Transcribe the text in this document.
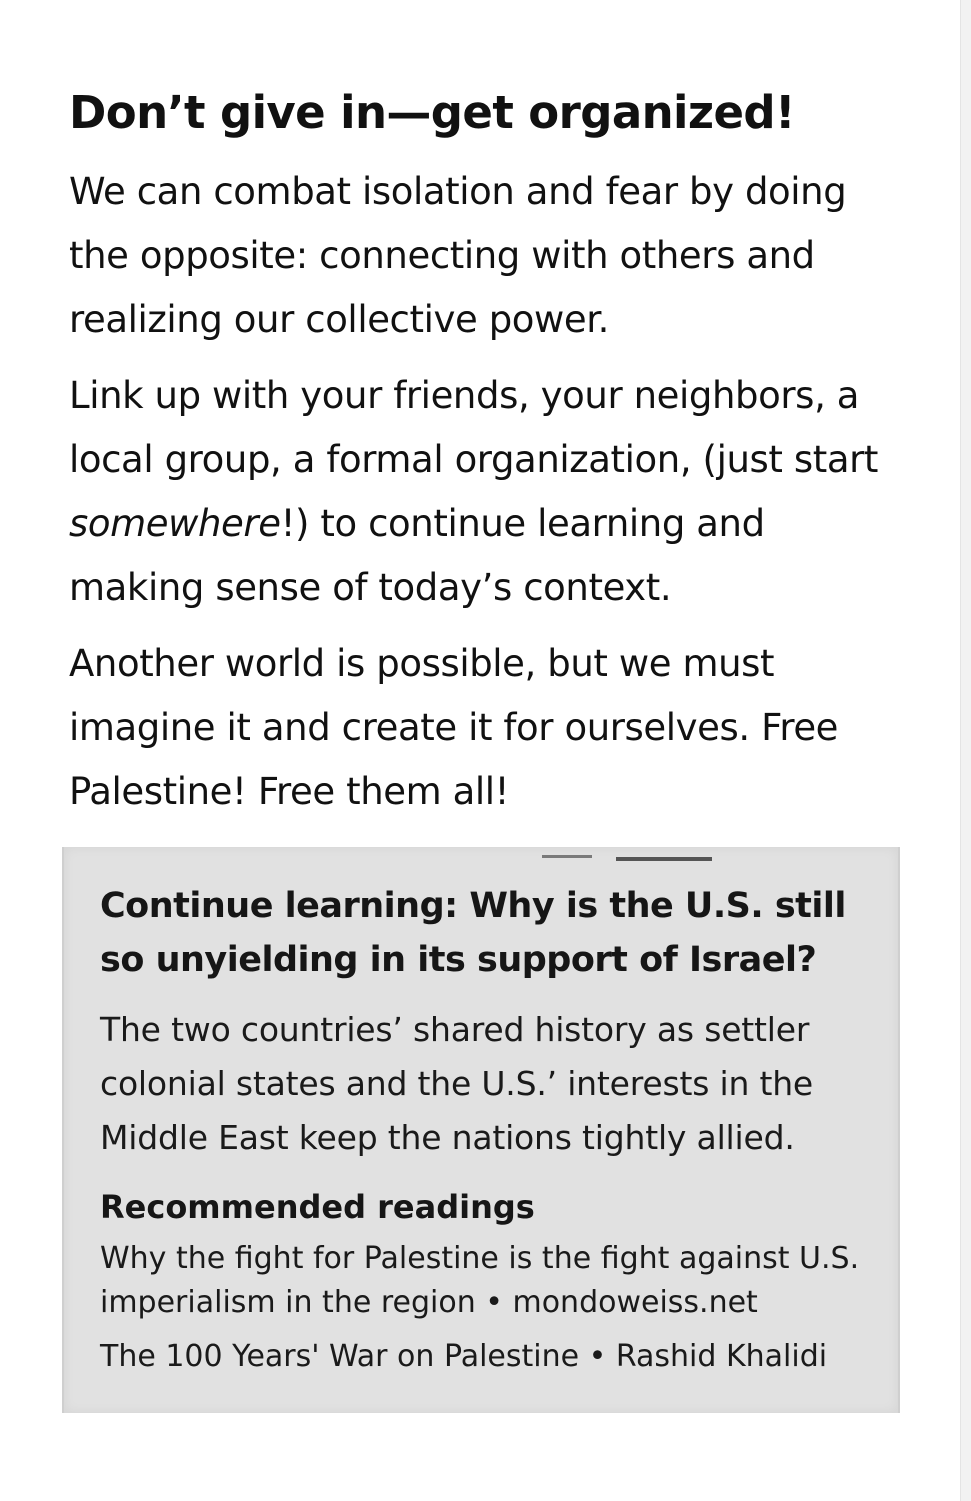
Don’t give in—get organized!

We can combat isolation and fear by doing the opposite: connecting with others and realizing our collective power.

Link up with your friends, your neighbors, a local group, a formal organization, (just start somewhere!) to continue learning and making sense of today’s context.

Another world is possible, but we must imagine it and create it for ourselves. Free Palestine! Free them all!

Continue learning: Why is the U.S. still so unyielding in its support of Israel?

The two countries’ shared history as settler colonial states and the U.S.’ interests in the Middle East keep the nations tightly allied.

Recommended readings
Why the fight for Palestine is the fight against U.S. imperialism in the region • mondoweiss.net
The 100 Years' War on Palestine • Rashid Khalidi
